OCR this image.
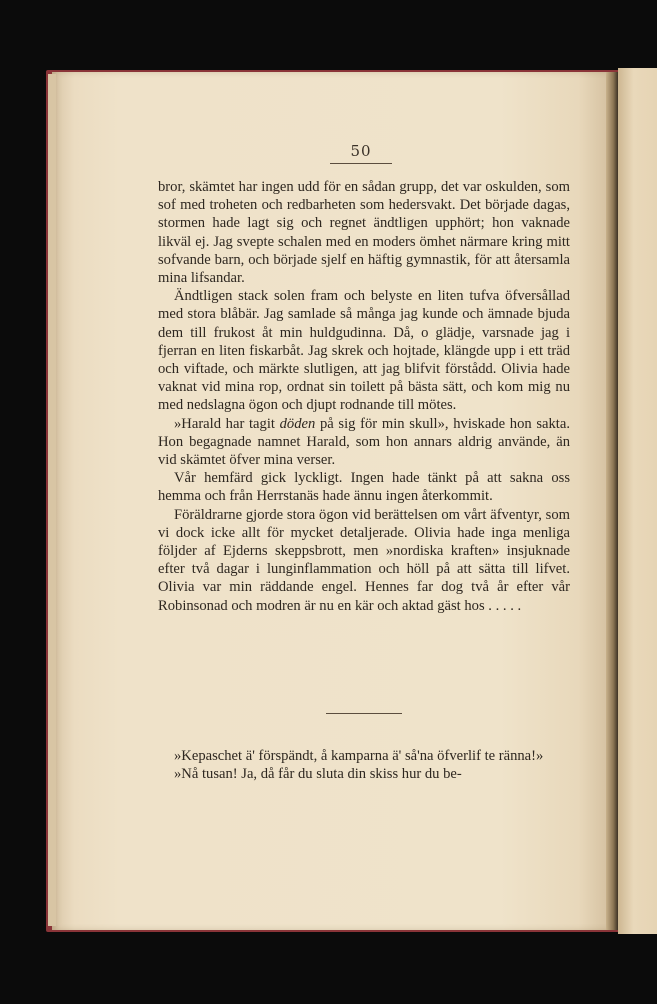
50

bror, skämtet har ingen udd för en sådan grupp, det var oskulden, som sof med troheten och redbarheten som hedersvakt. Det började dagas, stormen hade lagt sig och regnet ändtligen upphört; hon vaknade likväl ej. Jag svepte schalen med en moders ömhet närmare kring mitt sofvande barn, och började sjelf en häftig gymnastik, för att återsamla mina lifsandar.

Ändtligen stack solen fram och belyste en liten tufva öfversållad med stora blåbär. Jag samlade så många jag kunde och ämnade bjuda dem till frukost åt min huldgudinna. Då, o glädje, varsnade jag i fjerran en liten fiskarbåt. Jag skrek och hojtade, klängde upp i ett träd och viftade, och märkte slutligen, att jag blifvit förstådd. Olivia hade vaknat vid mina rop, ordnat sin toilett på bästa sätt, och kom mig nu med nedslagna ögon och djupt rodnande till mötes.

»Harald har tagit döden på sig för min skull», hviskade hon sakta. Hon begagnade namnet Harald, som hon annars aldrig använde, än vid skämtet öfver mina verser.

Vår hemfärd gick lyckligt. Ingen hade tänkt på att sakna oss hemma och från Herrstanäs hade ännu ingen återkommit.

Föräldrarne gjorde stora ögon vid berättelsen om vårt äfventyr, som vi dock icke allt för mycket detaljerade. Olivia hade inga menliga följder af Ejderns skeppsbrott, men »nordiska kraften» insjuknade efter två dagar i lunginflammation och höll på att sätta till lifvet. Olivia var min räddande engel. Hennes far dog två år efter vår Robinsonad och modren är nu en kär och aktad gäst hos . . . . .

»Kepaschet ä' förspändt, å kamparna ä' så'na öfverlif te ränna!»

»Nå tusan! Ja, då får du sluta din skiss hur du be-
